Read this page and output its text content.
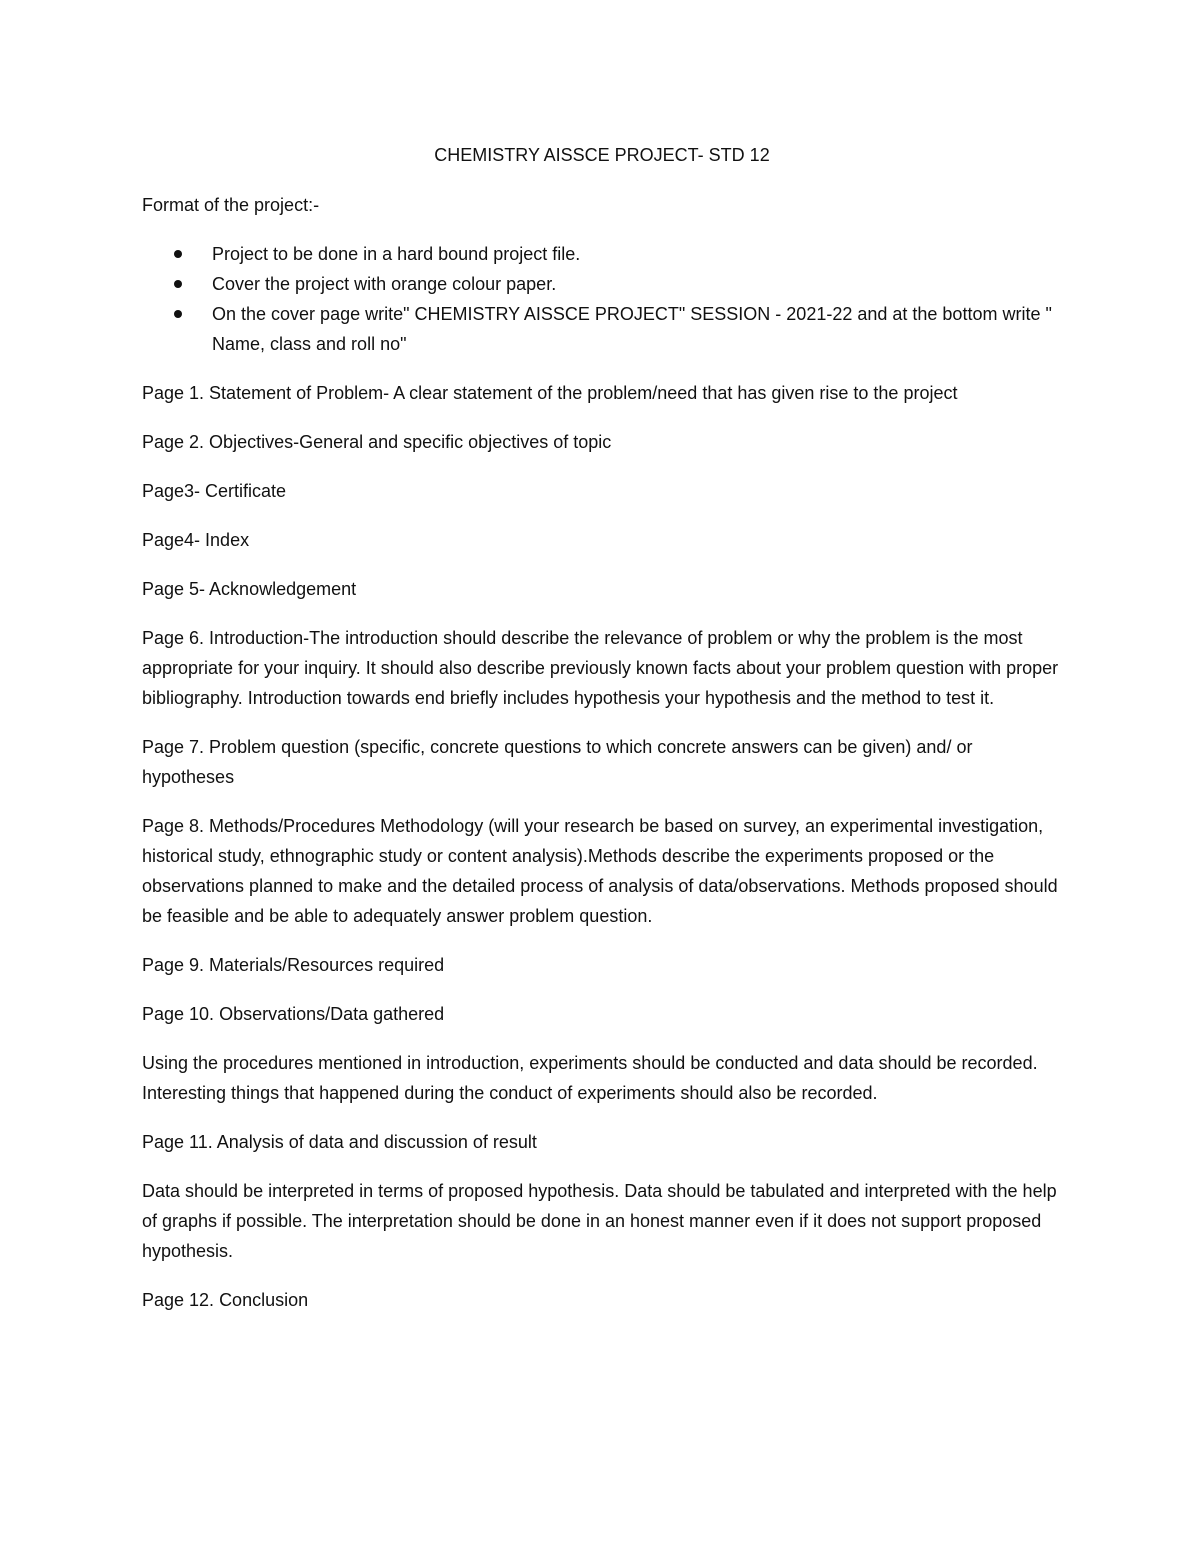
CHEMISTRY AISSCE PROJECT- STD 12

Format of the project:-

Project to be done in a hard bound project file.
Cover the project with orange colour paper.
On the cover page write" CHEMISTRY AISSCE PROJECT" SESSION - 2021-22 and at the bottom write " Name, class and roll no"

Page 1. Statement of Problem- A clear statement of the problem/need that has given rise to the project

Page 2. Objectives-General and specific objectives of topic

Page3- Certificate

Page4- Index

Page 5- Acknowledgement

Page 6. Introduction-The introduction should describe the relevance of problem or why the problem is the most appropriate for your inquiry. It should also describe previously known facts about your problem question with proper bibliography. Introduction towards end briefly includes hypothesis your hypothesis and the method to test it.

Page 7. Problem question (specific, concrete questions to which concrete answers can be given) and/ or hypotheses

Page 8. Methods/Procedures Methodology (will your research be based on survey, an experimental investigation, historical study, ethnographic study or content analysis).Methods describe the experiments proposed or the observations planned to make and the detailed process of analysis of data/observations. Methods proposed should be feasible and be able to adequately answer problem question.

Page 9. Materials/Resources required

Page 10. Observations/Data gathered

Using the procedures mentioned in introduction, experiments should be conducted and data should be recorded. Interesting things that happened during the conduct of experiments should also be recorded.

Page 11. Analysis of data and discussion of result

Data should be interpreted in terms of proposed hypothesis. Data should be tabulated and interpreted with the help of graphs if possible. The interpretation should be done in an honest manner even if it does not support proposed hypothesis.

Page 12. Conclusion
